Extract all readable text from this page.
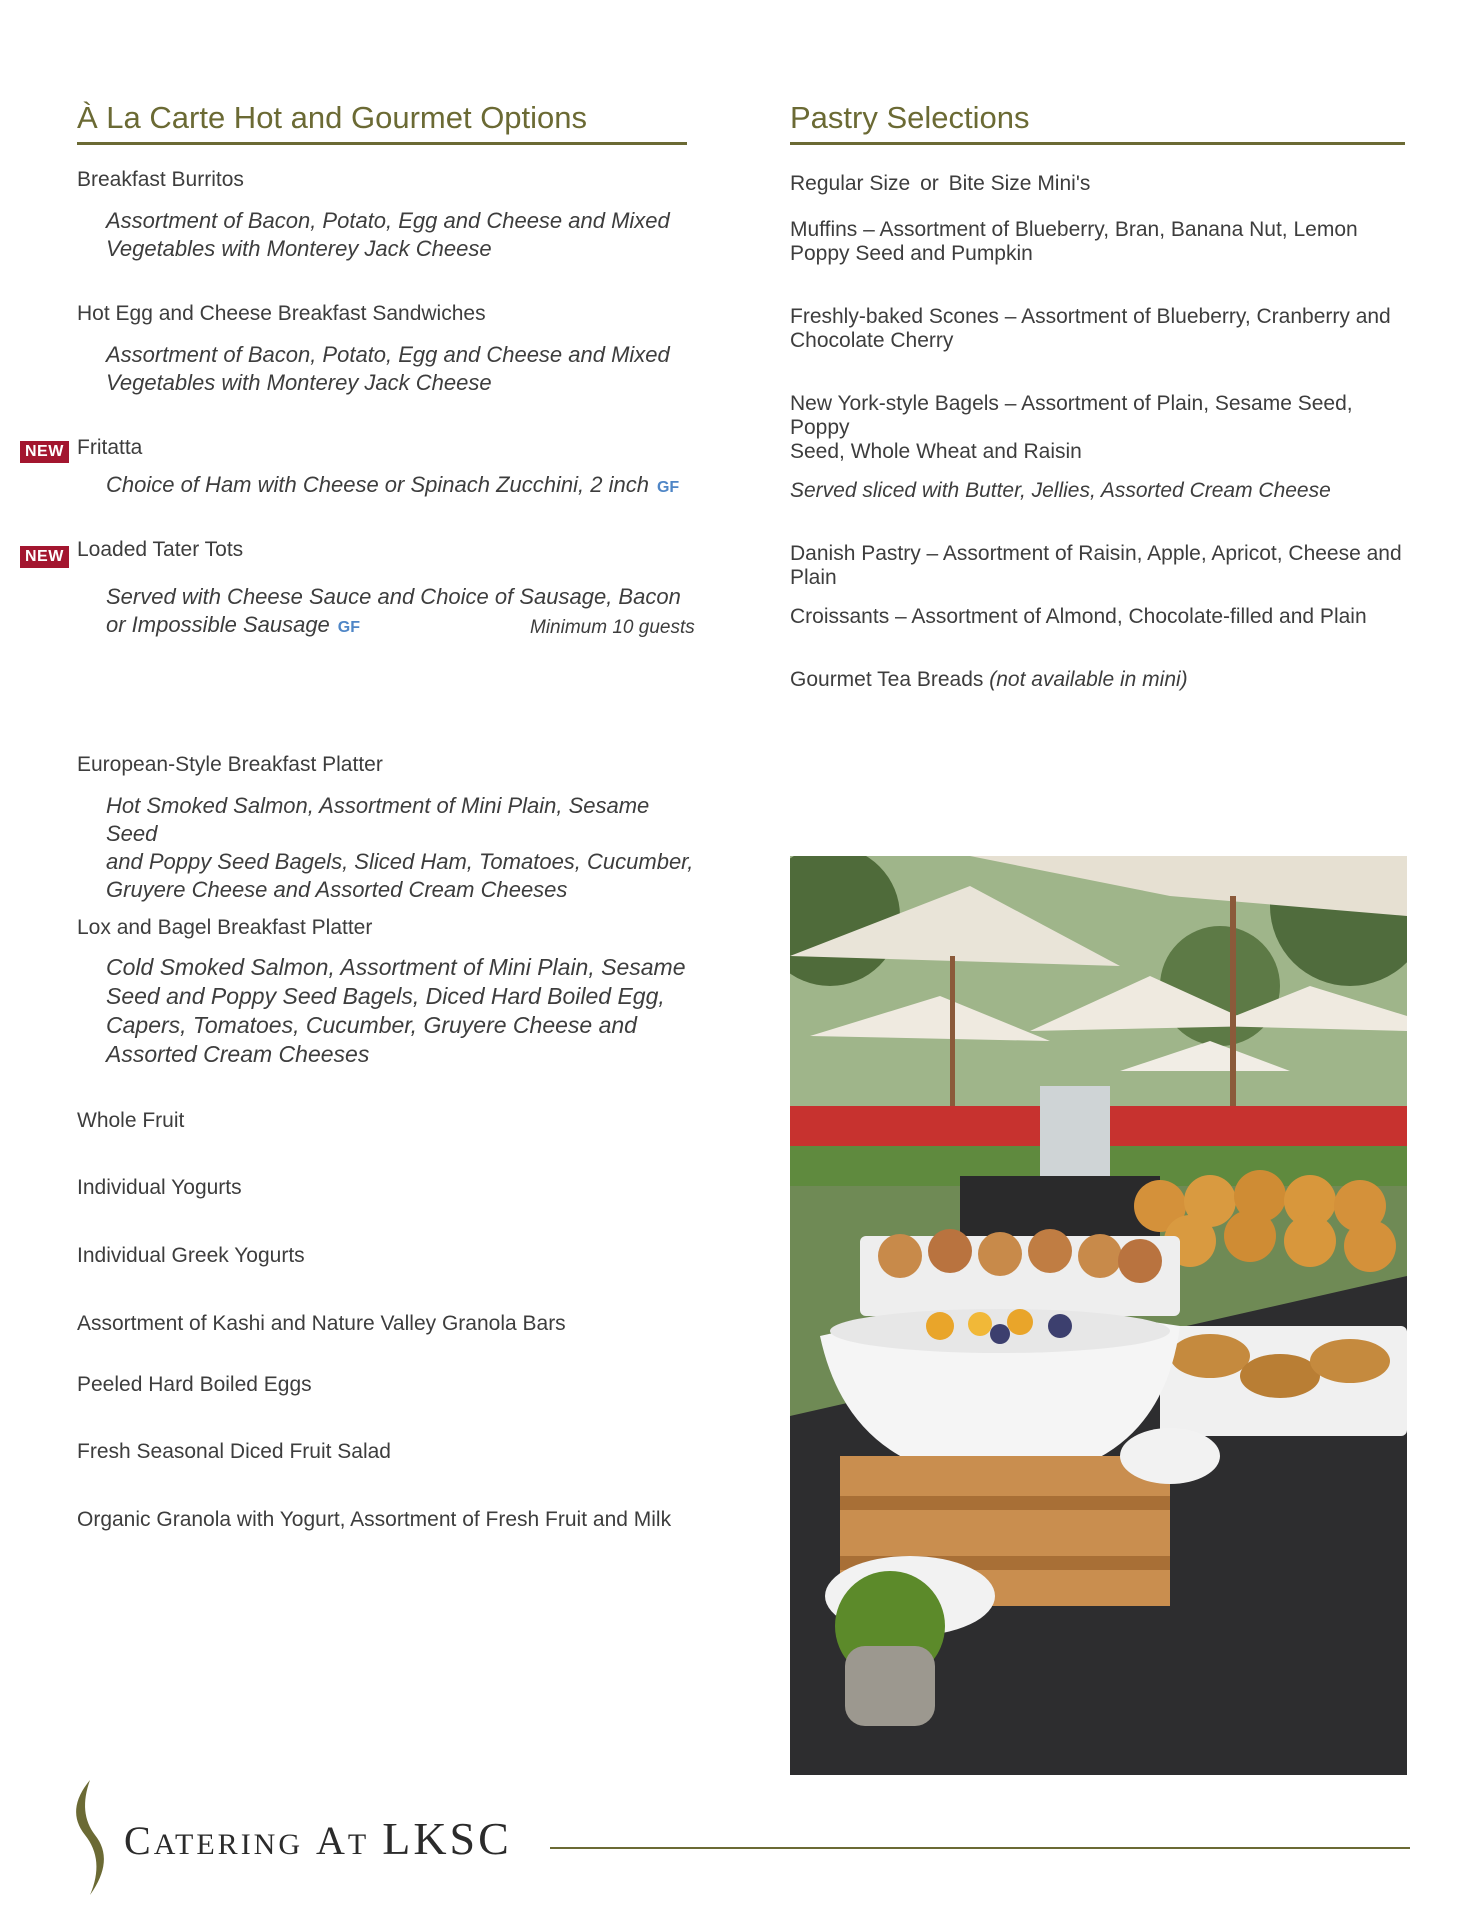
À La Carte Hot and Gourmet Options	Pastry Selections
Breakfast Burritos
Assortment of Bacon, Potato, Egg and Cheese and Mixed
Vegetables with Monterey Jack Cheese
Hot Egg and Cheese Breakfast Sandwiches
Assortment of Bacon, Potato, Egg and Cheese and Mixed
Vegetables with Monterey Jack Cheese
NEW Fritatta
Choice of Ham with Cheese or Spinach Zucchini, 2 inch GF
NEW Loaded Tater Tots
Served with Cheese Sauce and Choice of Sausage, Bacon
or Impossible Sausage GF	Minimum 10 guests
European-Style Breakfast Platter
Hot Smoked Salmon, Assortment of Mini Plain, Sesame Seed
and Poppy Seed Bagels, Sliced Ham, Tomatoes, Cucumber,
Gruyere Cheese and Assorted Cream Cheeses
Lox and Bagel Breakfast Platter
Cold Smoked Salmon, Assortment of Mini Plain, Sesame
Seed and Poppy Seed Bagels, Diced Hard Boiled Egg,
Capers, Tomatoes, Cucumber, Gruyere Cheese and
Assorted Cream Cheeses
Whole Fruit
Individual Yogurts
Individual Greek Yogurts
Assortment of Kashi and Nature Valley Granola Bars
Peeled Hard Boiled Eggs
Fresh Seasonal Diced Fruit Salad
Organic Granola with Yogurt, Assortment of Fresh Fruit and Milk
Regular Size or Bite Size Mini's
Muffins – Assortment of Blueberry, Bran, Banana Nut, Lemon
Poppy Seed and Pumpkin
Freshly-baked Scones – Assortment of Blueberry, Cranberry and
Chocolate Cherry
New York-style Bagels – Assortment of Plain, Sesame Seed, Poppy
Seed, Whole Wheat and Raisin
Served sliced with Butter, Jellies, Assorted Cream Cheese
Danish Pastry – Assortment of Raisin, Apple, Apricot, Cheese and Plain
Croissants – Assortment of Almond, Chocolate-filled and Plain
Gourmet Tea Breads (not available in mini)
CATERING AT LKSC
